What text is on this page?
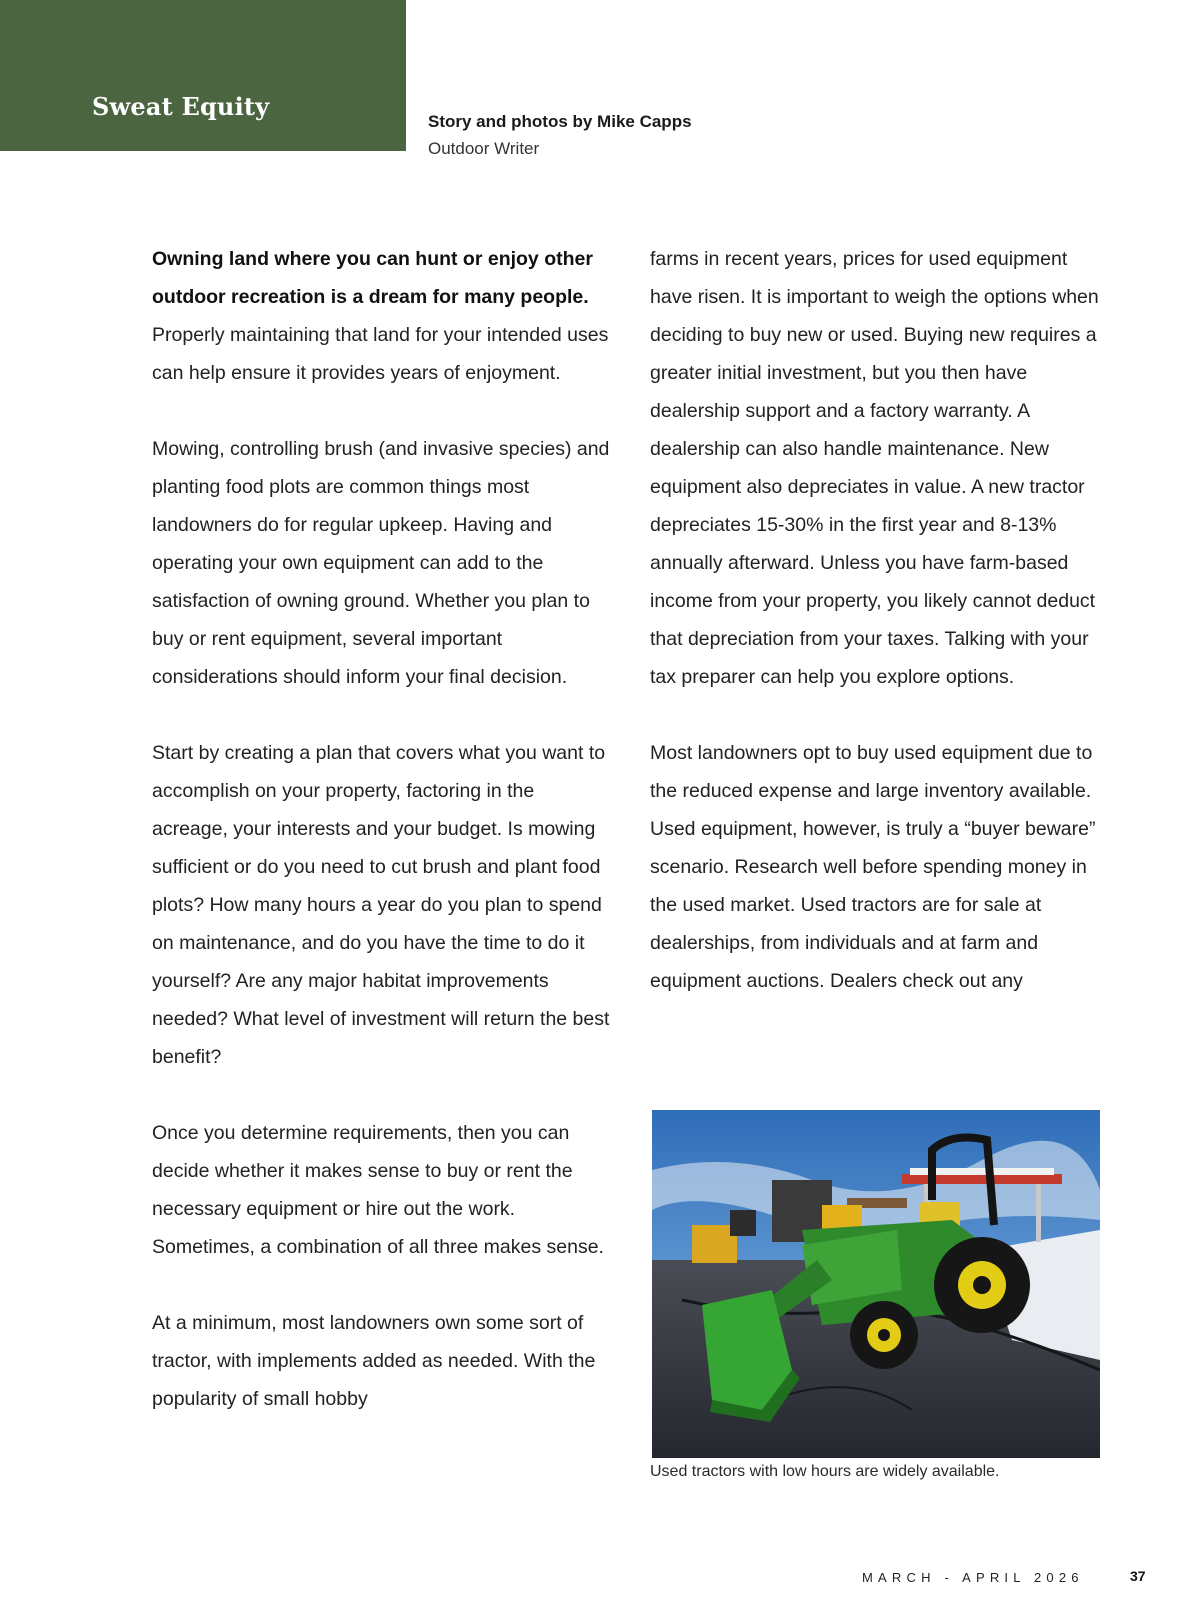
Sweat Equity
Story and photos by Mike Capps
Outdoor Writer

Owning land where you can hunt or enjoy other outdoor recreation is a dream for many people. Properly maintaining that land for your intended uses can help ensure it provides years of enjoyment.

Mowing, controlling brush (and invasive species) and planting food plots are common things most landowners do for regular upkeep. Having and operating your own equipment can add to the satisfaction of owning ground. Whether you plan to buy or rent equipment, several important considerations should inform your final decision.

Start by creating a plan that covers what you want to accomplish on your property, factoring in the acreage, your interests and your budget. Is mowing sufficient or do you need to cut brush and plant food plots? How many hours a year do you plan to spend on maintenance, and do you have the time to do it yourself? Are any major habitat improvements needed? What level of investment will return the best benefit?

Once you determine requirements, then you can decide whether it makes sense to buy or rent the necessary equipment or hire out the work. Sometimes, a combination of all three makes sense.

At a minimum, most landowners own some sort of tractor, with implements added as needed. With the popularity of small hobby

farms in recent years, prices for used equipment have risen. It is important to weigh the options when deciding to buy new or used. Buying new requires a greater initial investment, but you then have dealership support and a factory warranty. A dealership can also handle maintenance. New equipment also depreciates in value. A new tractor depreciates 15-30% in the first year and 8-13% annually afterward. Unless you have farm-based income from your property, you likely cannot deduct that depreciation from your taxes. Talking with your tax preparer can help you explore options.

Most landowners opt to buy used equipment due to the reduced expense and large inventory available. Used equipment, however, is truly a “buyer beware” scenario. Research well before spending money in the used market. Used tractors are for sale at dealerships, from individuals and at farm and equipment auctions. Dealers check out any

Used tractors with low hours are widely available.
MARCH - APRIL 2026	37
